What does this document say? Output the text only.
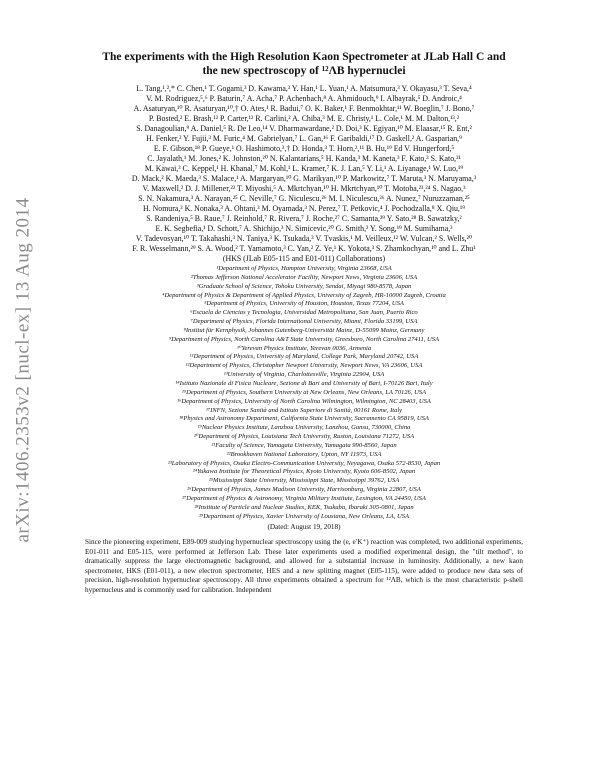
arXiv:1406.2353v2 [nucl-ex] 13 Aug 2014
The experiments with the High Resolution Kaon Spectrometer at JLab Hall C and
the new spectroscopy of ¹²ΛB hypernuclei
L. Tang,¹,²,* C. Chen,¹ T. Gogami,³ D. Kawama,³ Y. Han,¹ L. Yuan,¹ A. Matsumura,³ Y. Okayasu,³ T. Seva,⁴
V. M. Rodriguez,⁵,⁶ P. Baturin,⁷ A. Acha,⁷ P. Achenbach,⁸ A. Ahmidouch,⁹ I. Albayrak,⁵ D. Androic,⁴
A. Asaturyan,¹⁰ R. Asaturyan,¹⁰,† O. Ates,¹ R. Badui,⁷ O. K. Baker,¹ F. Benmokhtar,¹¹ W. Boeglin,⁷ J. Bono,⁷
P. Bosted,² E. Brash,¹² P. Carter,¹² R. Carlini,² A. Chiba,³ M. E. Christy,¹ L. Cole,¹ M. M. Dalton,¹³,²
S. Danagoulian,⁹ A. Daniel,⁵ R. De Leo,¹⁴ V. Dharmawardane,² D. Doi,³ K. Egiyan,¹⁰ M. Elaasar,¹⁵ R. Ent,²
H. Fenker,² Y. Fujii,³ M. Furic,⁴ M. Gabrielyan,⁷ L. Gan,¹⁶ F. Garibaldi,¹⁷ D. Gaskell,² A. Gasparian,⁹
E. F. Gibson,¹⁸ P. Gueye,¹ O. Hashimoto,³,† D. Honda,³ T. Horn,²,¹¹ B. Hu,¹⁹ Ed V. Hungerford,⁵
C. Jayalath,¹ M. Jones,² K. Johnston,²⁰ N. Kalantarians,⁵ H. Kanda,³ M. Kaneta,³ F. Kato,³ S. Kato,²¹
M. Kawai,³ C. Keppel,¹ H. Khanal,⁷ M. Kohl,¹ L. Kramer,⁷ K. J. Lan,⁵ Y. Li,¹ A. Liyanage,¹ W. Luo,¹⁹
D. Mack,² K. Maeda,³ S. Malace,¹ A. Margaryan,¹⁰ G. Marikyan,¹⁰ P. Markowitz,⁷ T. Maruta,³ N. Maruyama,³
V. Maxwell,² D. J. Millener,²² T. Miyoshi,⁵ A. Mkrtchyan,¹⁰ H. Mkrtchyan,¹⁰ T. Motoba,²³,²⁴ S. Nagao,³
S. N. Nakamura,³ A. Narayan,²⁵ C. Neville,⁷ G. Niculescu,²⁶ M. I. Niculescu,²⁶ A. Nunez,⁷ Nuruzzaman,²⁵
H. Nomura,³ K. Nonaka,³ A. Ohtani,³ M. Oyamada,³ N. Perez,⁷ T. Petkovic,⁴ J. Pochodzalla,⁸ X. Qiu,¹⁹
S. Randeniya,⁵ B. Raue,⁷ J. Reinhold,⁷ R. Rivera,⁷ J. Roche,²⁷ C. Samanta,²⁹ Y. Sato,²⁸ B. Sawatzky,²
E. K. Segbefia,¹ D. Schott,⁷ A. Shichijo,³ N. Simicevic,²⁰ G. Smith,² Y. Song,¹⁹ M. Sumihama,³
V. Tadevosyan,¹⁰ T. Takahashi,³ N. Taniya,³ K. Tsukada,³ V. Tvaskis,¹ M. Veilleux,¹² W. Vulcan,² S. Wells,²⁰
F. R. Wesselmann,²⁹ S. A. Wood,² T. Yamamoto,³ C. Yan,² Z. Ye,¹ K. Yokota,³ S. Zhamkochyan,¹⁰ and L. Zhu¹
(HKS (JLab E05-115 and E01-011) Collaborations)
¹Department of Physics, Hampton University, Virginia 23668, USA
²Thomas Jefferson National Accelerator Facility, Newport News, Virginia 23606, USA
³Graduate School of Science, Tohoku University, Sendai, Miyagi 980-8578, Japan
⁴Department of Physics & Department of Applied Physics, University of Zagreb, HR-10000 Zagreb, Croatia
⁵Department of Physics, University of Houston, Houston, Texas 77204, USA
⁶Escuela de Ciencias y Tecnologia, Universidad Metropolitana, San Juan, Puerto Rico
⁷Department of Physics, Florida International University, Miami, Florida 33199, USA
⁸Institut für Kernphysik, Johannes Gutenberg-Universität Mainz, D-55099 Mainz, Germany
⁹Department of Physics, North Carolina A&T State University, Greesboro, North Carolina 27411, USA
¹⁰Yerevan Physics Institute, Yerevan 0036, Armenia
¹¹Department of Physics, University of Maryland, College Park, Maryland 20742, USA
¹²Department of Physics, Christopher Newport University, Newport News, VA 23606, USA
¹³University of Virginia, Charlottesville, Virginia 22904, USA
¹⁴Istituto Nazionale di Fisica Nucleare, Sezione di Bari and University of Bari, I-70126 Bari, Italy
¹⁵Department of Physics, Southern University at New Orleans, New Orleans, LA 70126, USA
¹⁶Department of Physics, University of North Carolina Wilmington, Wilmington, NC 28403, USA
¹⁷INFN, Sezione Sanità and Istituto Superiore di Sanità, 00161 Rome, Italy
¹⁸Physics and Astronomy Department, California State University, Sacramento CA 95819, USA
¹⁹Nuclear Physics Institute, Lanzhou University, Lanzhou, Gansu, 730000, China
²⁰Department of Physics, Louisiana Tech University, Ruston, Louisiana 71272, USA
²¹Faculty of Science, Yamagata University, Yamagata 990-8560, Japan
²²Brookhaven National Laboratory, Upton, NY 11973, USA
²³Laboratory of Physics, Osaka Electro-Communication University, Neyagawa, Osaka 572-8530, Japan
²⁴Yukawa Institute for Theoretical Physics, Kyoto University, Kyoto 606-8502, Japan
²⁵Mississippi State University, Mississippi State, Mississippi 39762, USA
²⁶Department of Physics, James Madison University, Harrisonburg, Virginia 22807, USA
²⁷Department of Physics & Astronomy, Virginia Military Institute, Lexington, VA 24450, USA
²⁸Institute of Particle and Nuclear Studies, KEK, Tsukuba, Ibaraki 305-0801, Japan
²⁹Department of Physics, Xavier University of Lousiana, New Orleans, LA, USA
(Dated: August 19, 2018)
Since the pioneering experiment, E89-009 studying hypernuclear spectroscopy using the (e, e′K⁺) reaction was completed, two additional experiments, E01-011 and E05-115, were performed at Jefferson Lab. These later experiments used a modified experimental design, the "tilt method", to dramatically suppress the large electromagnetic background, and allowed for a substantial increase in luminosity. Additionally, a new kaon spectrometer, HKS (E01-011), a new electron spectrometer, HES and a new splitting magnet (E05-115), were added to produce new data sets of precision, high-resolution hypernuclear spectroscopy. All three experiments obtained a spectrum for ¹²ΛB, which is the most characteristic p-shell hypernucleus and is commonly used for calibration. Independent
